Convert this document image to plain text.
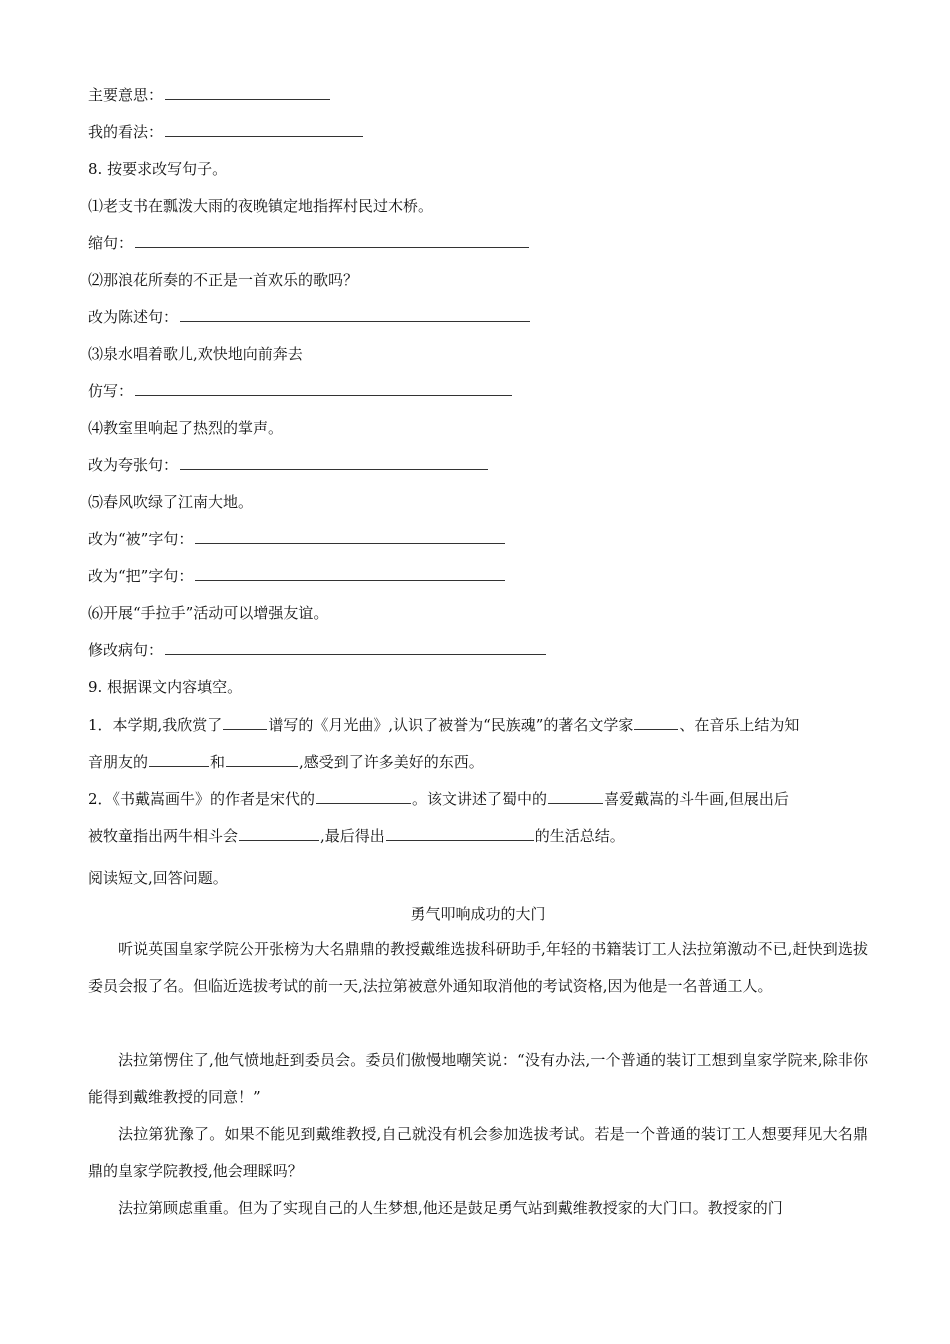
主要意思：
我的看法：
8. 按要求改写句子。
⑴老支书在瓢泼大雨的夜晚镇定地指挥村民过木桥。
缩句：
⑵那浪花所奏的不正是一首欢乐的歌吗？
改为陈述句：
⑶泉水唱着歌儿,欢快地向前奔去
仿写：
⑷教室里响起了热烈的掌声。
改为夸张句：
⑸春风吹绿了江南大地。
改为“被”字句：
改为“把”字句：
⑹开展“手拉手”活动可以增强友谊。
修改病句：
9. 根据课文内容填空。
1．本学期,我欣赏了	谱写的《月光曲》,认识了被誉为“民族魂”的著名文学家	、在音乐上结为知
音朋友的	和	,感受到了许多美好的东西。
2．《书戴嵩画牛》的作者是宋代的	。该文讲述了蜀中的	喜爱戴嵩的斗牛画,但展出后
被牧童指出两牛相斗会	,最后得出	的生活总结。
阅读短文,回答问题。
勇气叩响成功的大门
听说英国皇家学院公开张榜为大名鼎鼎的教授戴维选拔科研助手,年轻的书籍装订工人法拉第激动不已,赶快到选拔委员会报了名。但临近选拔考试的前一天,法拉第被意外通知取消他的考试资格,因为他是一名普通工人。
法拉第愣住了,他气愤地赶到委员会。委员们傲慢地嘲笑说：“没有办法,一个普通的装订工想到皇家学院来,除非你能得到戴维教授的同意！”
法拉第犹豫了。如果不能见到戴维教授,自己就没有机会参加选拔考试。若是一个普通的装订工人想要拜见大名鼎鼎的皇家学院教授,他会理睬吗？
法拉第顾虑重重。但为了实现自己的人生梦想,他还是鼓足勇气站到戴维教授家的大门口。教授家的门
